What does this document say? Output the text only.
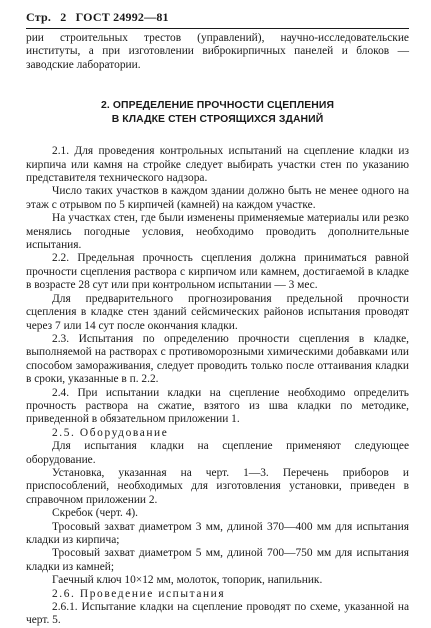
Стр. 2 ГОСТ 24992—81

рии строительных трестов (управлений), научно-исследовательские институты, а при изготовлении виброкирпичных панелей и блоков — заводские лаборатории.

2. ОПРЕДЕЛЕНИЕ ПРОЧНОСТИ СЦЕПЛЕНИЯ
В КЛАДКЕ СТЕН СТРОЯЩИХСЯ ЗДАНИЙ

2.1. Для проведения контрольных испытаний на сцепление кладки из кирпича или камня на стройке следует выбирать участки стен по указанию представителя технического надзора.

Число таких участков в каждом здании должно быть не менее одного на этаж с отрывом по 5 кирпичей (камней) на каждом участке.

На участках стен, где были изменены применяемые материалы или резко менялись погодные условия, необходимо проводить дополнительные испытания.

2.2. Предельная прочность сцепления должна приниматься равной прочности сцепления раствора с кирпичом или камнем, достигаемой в кладке в возрасте 28 сут или при контрольном испытании — 3 мес.

Для предварительного прогнозирования предельной прочности сцепления в кладке стен зданий сейсмических районов испытания проводят через 7 или 14 сут после окончания кладки.

2.3. Испытания по определению прочности сцепления в кладке, выполняемой на растворах с противоморозными химическими добавками или способом замораживания, следует проводить только после оттаивания кладки в сроки, указанные в п. 2.2.

2.4. При испытании кладки на сцепление необходимо определить прочность раствора на сжатие, взятого из шва кладки по методике, приведенной в обязательном приложении 1.

2.5. Оборудование

Для испытания кладки на сцепление применяют следующее оборудование.

Установка, указанная на черт. 1—3. Перечень приборов и приспособлений, необходимых для изготовления установки, приведен в справочном приложении 2.

Скребок (черт. 4).

Тросовый захват диаметром 3 мм, длиной 370—400 мм для испытания кладки из кирпича;

Тросовый захват диаметром 5 мм, длиной 700—750 мм для испытания кладки из камней;

Гаечный ключ 10×12 мм, молоток, топорик, напильник.

2.6. Проведение испытания

2.6.1. Испытание кладки на сцепление проводят по схеме, указанной на черт. 5.
